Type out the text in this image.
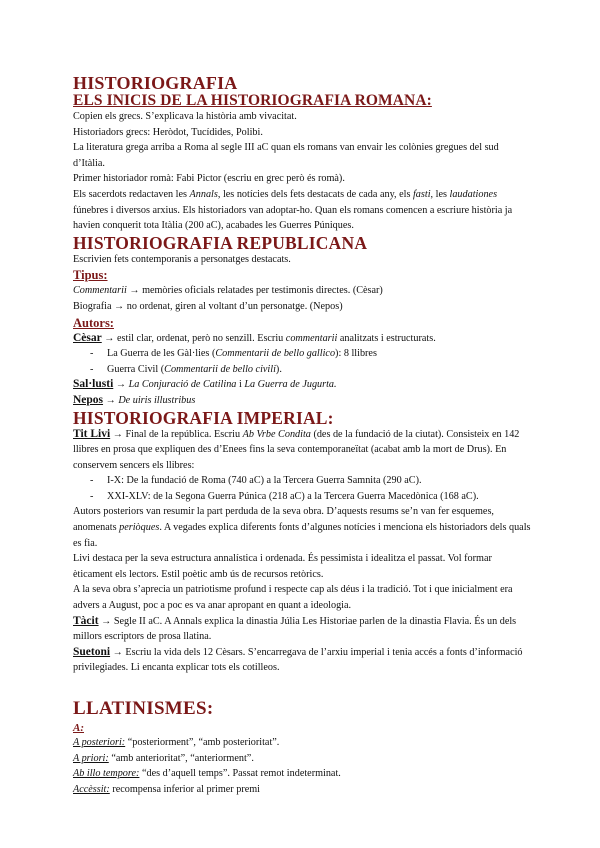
HISTORIOGRAFIA
ELS INICIS DE LA HISTORIOGRAFIA ROMANA:

Copien els grecs. S’explicava la història amb vivacitat.

Historiadors grecs: Heròdot, Tucídides, Polibi.

La literatura grega arriba a Roma al segle III aC quan els romans van envair les colònies gregues del sud d’Itàlia.

Primer historiador romà: Fabi Pictor (escriu en grec però és romà).

Els sacerdots redactaven les Annals, les notícies dels fets destacats de cada any, els fasti, les laudationes fúnebres i diversos arxius. Els historiadors van adoptar-ho. Quan els romans comencen a escriure història ja havien conquerit tota Itàlia (200 aC), acabades les Guerres Púniques.

HISTORIOGRAFIA REPUBLICANA

Escrivien fets contemporanis a personatges destacats.

Tipus:

Commentarii → memòries oficials relatades per testimonis directes. (Cèsar)

Biografia → no ordenat, giren al voltant d’un personatge. (Nepos)

Autors:

Cèsar → estil clar, ordenat, però no senzill. Escriu commentarii analitzats i estructurats.

- La Guerra de les Gàl·lies (Commentarii de bello gallico): 8 llibres

- Guerra Civil (Commentarii de bello civili).

Sal·lusti → La Conjuració de Catilina i La Guerra de Jugurta.

Nepos → De uiris illustribus

HISTORIOGRAFIA IMPERIAL:

Tit Livi → Final de la república. Escriu Ab Vrbe Condita (des de la fundació de la ciutat). Consisteix en 142 llibres en prosa que expliquen des d’Enees fins la seva contemporaneïtat (acabat amb la mort de Drus). En conservem sencers els llibres:

- I-X: De la fundació de Roma (740 aC) a la Tercera Guerra Samnita (290 aC).

- XXI-XLV: de la Segona Guerra Púnica (218 aC) a la Tercera Guerra Macedònica (168 aC).

Autors posteriors van resumir la part perduda de la seva obra. D’aquests resums se’n van fer esquemes, anomenats periòques. A vegades explica diferents fonts d’algunes notícies i menciona els historiadors dels quals es fia.

Livi destaca per la seva estructura annalística i ordenada. És pessimista i idealitza el passat. Vol formar èticament els lectors. Estil poètic amb ús de recursos retòrics.

A la seva obra s’aprecia un patriotisme profund i respecte cap als déus i la tradició. Tot i que inicialment era advers a August, poc a poc es va anar apropant en quant a ideologia.

Tàcit → Segle II aC. A Annals explica la dinastia Júlia Les Historiae parlen de la dinastia Flavia. És un dels millors escriptors de prosa llatina.

Suetoni → Escriu la vida dels 12 Cèsars. S’encarregava de l’arxiu imperial i tenia accés a fonts d’informació privilegiades. Li encanta explicar tots els cotilleos.

LLATINISMES:
A:

A posteriori: “posteriorment”, “amb posterioritat”.

A priori: “amb anterioritat”, “anteriorment”.

Ab illo tempore: “des d’aquell temps”. Passat remot indeterminat.

Accèssit: recompensa inferior al primer premi
